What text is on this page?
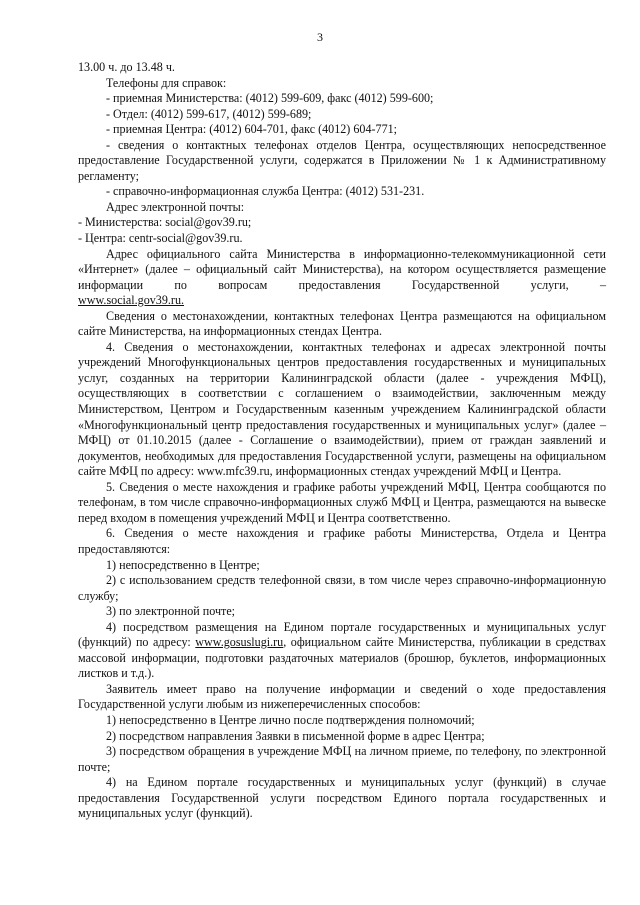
3

13.00 ч. до 13.48 ч.

Телефоны для справок:

- приемная Министерства: (4012) 599-609, факс (4012) 599-600;

- Отдел: (4012) 599-617, (4012) 599-689;

- приемная Центра: (4012) 604-701, факс (4012) 604-771;

- сведения о контактных телефонах отделов Центра, осуществляющих непосредственное предоставление Государственной услуги, содержатся в Приложении № 1 к Административному регламенту;

- справочно-информационная служба Центра: (4012) 531-231.

Адрес электронной почты:

- Министерства: social@gov39.ru;

- Центра: centr-social@gov39.ru.

Адрес официального сайта Министерства в информационно-телекоммуникационной сети «Интернет» (далее – официальный сайт Министерства), на котором осуществляется размещение информации по вопросам предоставления Государственной услуги, –

www.social.gov39.ru.

Сведения о местонахождении, контактных телефонах Центра размещаются на официальном сайте Министерства, на информационных стендах Центра.

4. Сведения о местонахождении, контактных телефонах и адресах электронной почты учреждений Многофункциональных центров предоставления государственных и муниципальных услуг, созданных на территории Калининградской области (далее - учреждения МФЦ), осуществляющих в соответствии с соглашением о взаимодействии, заключенным между Министерством, Центром и Государственным казенным учреждением Калининградской области «Многофункциональный центр предоставления государственных и муниципальных услуг» (далее – МФЦ) от 01.10.2015 (далее - Соглашение о взаимодействии), прием от граждан заявлений и документов, необходимых для предоставления Государственной услуги, размещены на официальном сайте МФЦ по адресу: www.mfc39.ru, информационных стендах учреждений МФЦ и Центра.

5. Сведения о месте нахождения и графике работы учреждений МФЦ, Центра сообщаются по телефонам, в том числе справочно-информационных служб МФЦ и Центра, размещаются на вывеске перед входом в помещения учреждений МФЦ и Центра соответственно.

6. Сведения о месте нахождения и графике работы Министерства, Отдела и Центра предоставляются:

1) непосредственно в Центре;

2) с использованием средств телефонной связи, в том числе через справочно-информационную службу;

3) по электронной почте;

4) посредством размещения на Едином портале государственных и муниципальных услуг (функций) по адресу: www.gosuslugi.ru, официальном сайте Министерства, публикации в средствах массовой информации, подготовки раздаточных материалов (брошюр, буклетов, информационных листков и т.д.).

Заявитель имеет право на получение информации и сведений о ходе предоставления Государственной услуги любым из нижеперечисленных способов:

1) непосредственно в Центре лично после подтверждения полномочий;

2) посредством направления Заявки в письменной форме в адрес Центра;

3) посредством обращения в учреждение МФЦ на личном приеме, по телефону, по электронной почте;

4) на Едином портале государственных и муниципальных услуг (функций) в случае предоставления Государственной услуги посредством Единого портала государственных и муниципальных услуг (функций).
